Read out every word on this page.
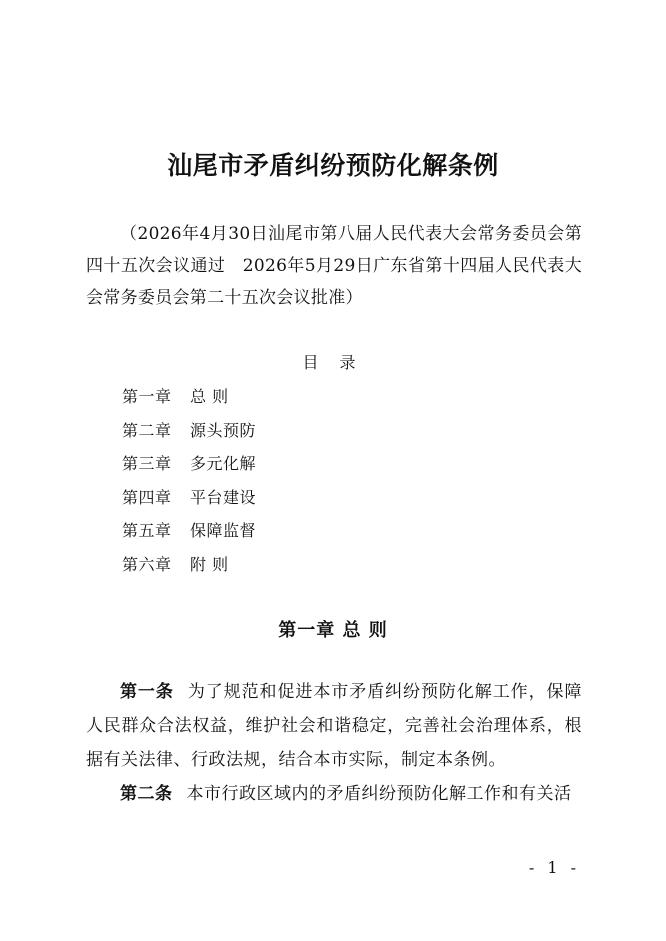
汕尾市矛盾纠纷预防化解条例
（2026年4月30日汕尾市第八届人民代表大会常务委员会第四十五次会议通过　2026年5月29日广东省第十四届人民代表大会常务委员会第二十五次会议批准）
目 录
第一章 总 则
第二章 源头预防
第三章 多元化解
第四章 平台建设
第五章 保障监督
第六章 附 则
第一章 总 则

第一条 为了规范和促进本市矛盾纠纷预防化解工作，保障人民群众合法权益，维护社会和谐稳定，完善社会治理体系，根据有关法律、行政法规，结合本市实际，制定本条例。

第二条 本市行政区域内的矛盾纠纷预防化解工作和有关活

- 1 -
